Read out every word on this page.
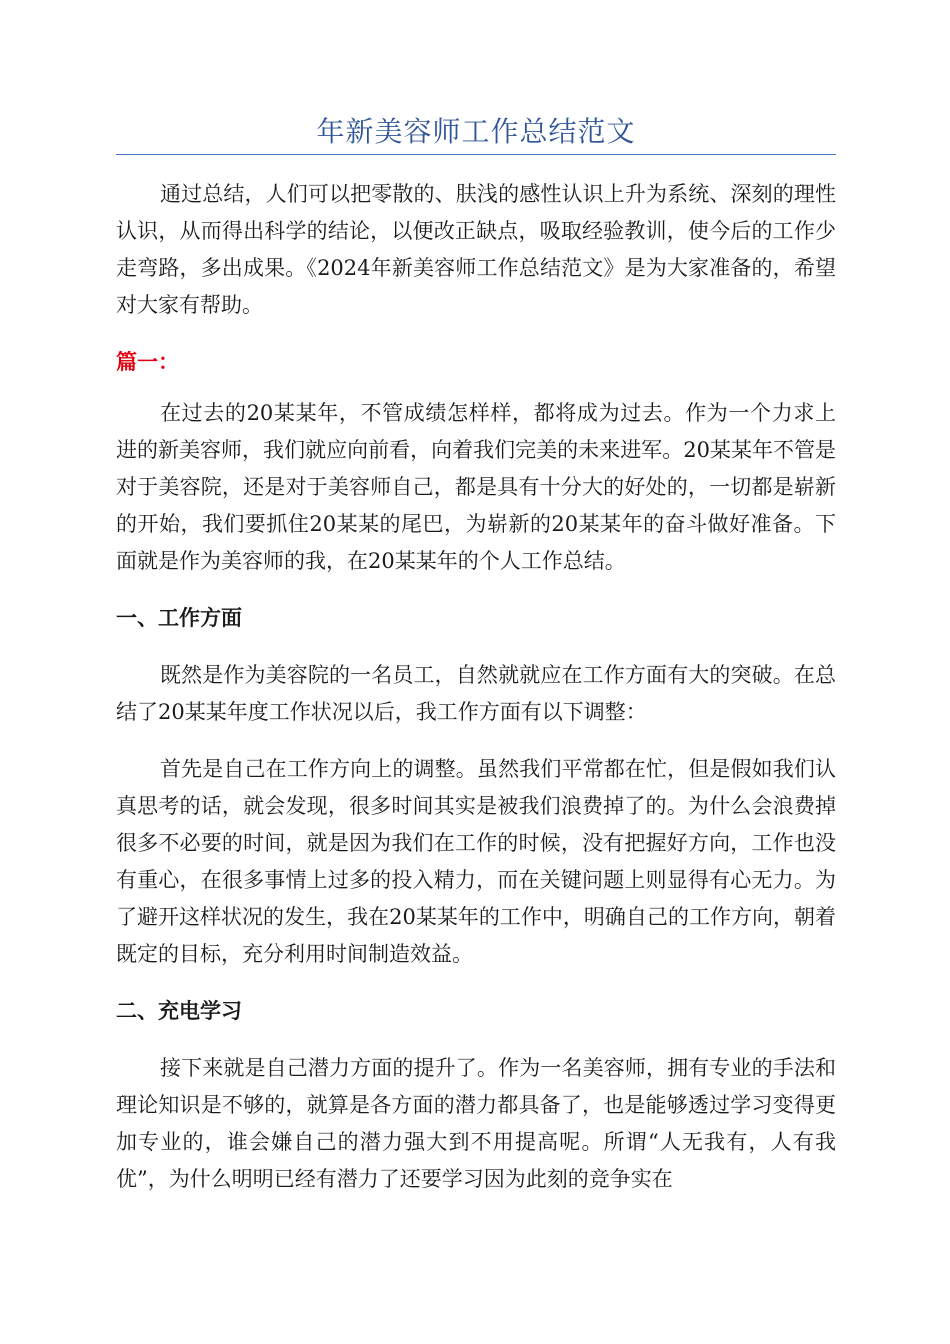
年新美容师工作总结范文

通过总结，人们可以把零散的、肤浅的感性认识上升为系统、深刻的理性认识，从而得出科学的结论，以便改正缺点，吸取经验教训，使今后的工作少走弯路，多出成果。《2024年新美容师工作总结范文》是为大家准备的，希望对大家有帮助。

篇一：

在过去的20某某年，不管成绩怎样样，都将成为过去。作为一个力求上进的新美容师，我们就应向前看，向着我们完美的未来进军。20某某年不管是对于美容院，还是对于美容师自己，都是具有十分大的好处的，一切都是崭新的开始，我们要抓住20某某的尾巴，为崭新的20某某年的奋斗做好准备。下面就是作为美容师的我，在20某某年的个人工作总结。

一、工作方面

既然是作为美容院的一名员工，自然就就应在工作方面有大的突破。在总结了20某某年度工作状况以后，我工作方面有以下调整：

首先是自己在工作方向上的调整。虽然我们平常都在忙，但是假如我们认真思考的话，就会发现，很多时间其实是被我们浪费掉了的。为什么会浪费掉很多不必要的时间，就是因为我们在工作的时候，没有把握好方向，工作也没有重心，在很多事情上过多的投入精力，而在关键问题上则显得有心无力。为了避开这样状况的发生，我在20某某年的工作中，明确自己的工作方向，朝着既定的目标，充分利用时间制造效益。

二、充电学习

接下来就是自己潜力方面的提升了。作为一名美容师，拥有专业的手法和理论知识是不够的，就算是各方面的潜力都具备了，也是能够透过学习变得更加专业的，谁会嫌自己的潜力强大到不用提高呢。所谓“人无我有，人有我优”，为什么明明已经有潜力了还要学习因为此刻的竞争实在
